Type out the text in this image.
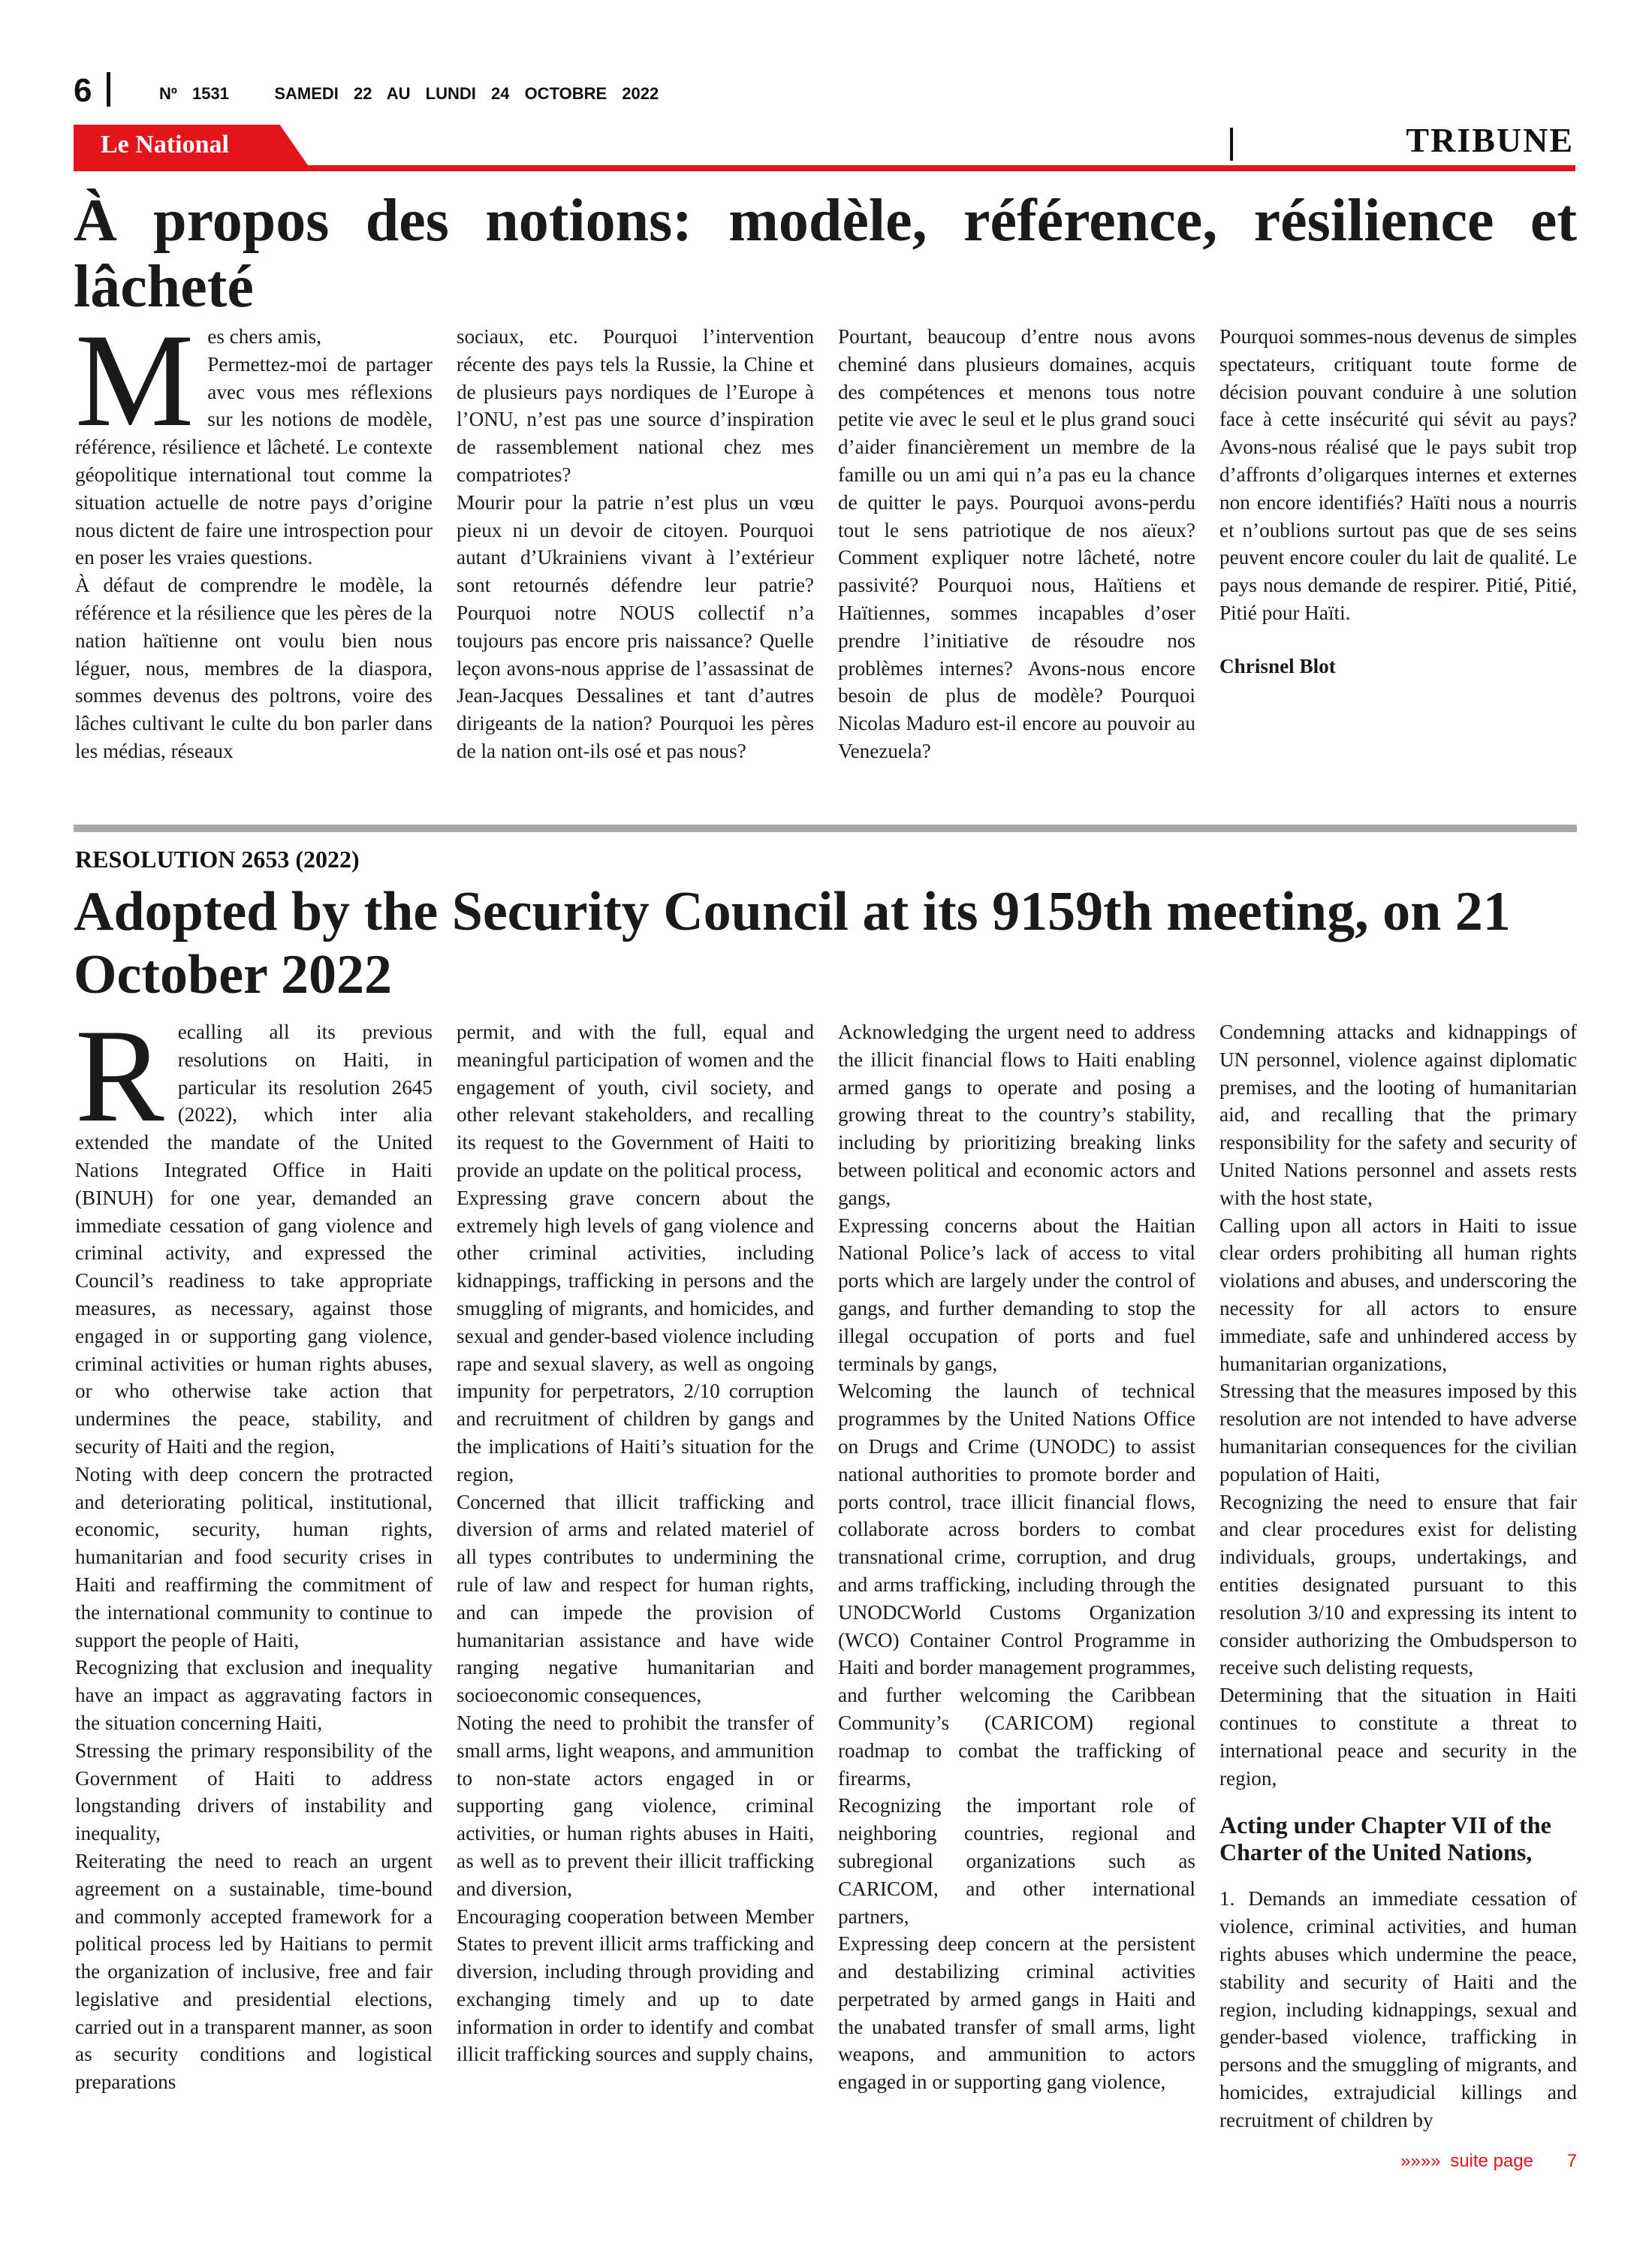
6	Nº 1531	SAMEDI 22 AU LUNDI 24 OCTOBRE 2022
Le National	TRIBUNE
À propos des notions: modèle, référence, résilience et lâcheté
M es chers amis,

Permettez-moi de partager avec vous mes réflexions sur les notions de modèle, référence, résilience et lâcheté. Le contexte géopolitique international tout comme la situation actuelle de notre pays d’origine nous dictent de faire une introspection pour en poser les vraies questions.

À défaut de comprendre le modèle, la référence et la résilience que les pères de la nation haïtienne ont voulu bien nous léguer, nous, membres de la diaspora, sommes devenus des poltrons, voire des lâches cultivant le culte du bon parler dans les médias, réseaux

sociaux, etc. Pourquoi l’intervention récente des pays tels la Russie, la Chine et de plusieurs pays nordiques de l’Europe à l’ONU, n’est pas une source d’inspiration de rassemblement national chez mes compatriotes?

Mourir pour la patrie n’est plus un vœu pieux ni un devoir de citoyen. Pourquoi autant d’Ukrainiens vivant à l’extérieur sont retournés défendre leur patrie? Pourquoi notre NOUS collectif n’a toujours pas encore pris naissance? Quelle leçon avons-nous apprise de l’assassinat de Jean-Jacques Dessalines et tant d’autres dirigeants de la nation? Pourquoi les pères de la nation ont-ils osé et pas nous?

Pourtant, beaucoup d’entre nous avons cheminé dans plusieurs domaines, acquis des compétences et menons tous notre petite vie avec le seul et le plus grand souci d’aider financièrement un membre de la famille ou un ami qui n’a pas eu la chance de quitter le pays. Pourquoi avons-perdu tout le sens patriotique de nos aïeux? Comment expliquer notre lâcheté, notre passivité? Pourquoi nous, Haïtiens et Haïtiennes, sommes incapables d’oser prendre l’initiative de résoudre nos problèmes internes? Avons-nous encore besoin de plus de modèle? Pourquoi Nicolas Maduro est-il encore au pouvoir au Venezuela?

Pourquoi sommes-nous devenus de simples spectateurs, critiquant toute forme de décision pouvant conduire à une solution face à cette insécurité qui sévit au pays? Avons-nous réalisé que le pays subit trop d’affronts d’oligarques internes et externes non encore identifiés? Haïti nous a nourris et n’oublions surtout pas que de ses seins peuvent encore couler du lait de qualité. Le pays nous demande de respirer. Pitié, Pitié, Pitié pour Haïti.

Chrisnel Blot

RESOLUTION 2653 (2022)
Adopted by the Security Council at its 9159th meeting, on 21 October 2022
R ecalling all its previous resolutions on Haiti, in particular its resolution 2645 (2022), which inter alia extended the mandate of the United Nations Integrated Office in Haiti (BINUH) for one year, demanded an immediate cessation of gang violence and criminal activity, and expressed the Council’s readiness to take appropriate measures, as necessary, against those engaged in or supporting gang violence, criminal activities or human rights abuses, or who otherwise take action that undermines the peace, stability, and security of Haiti and the region,

Noting with deep concern the protracted and deteriorating political, institutional, economic, security, human rights, humanitarian and food security crises in Haiti and reaffirming the commitment of the international community to continue to support the people of Haiti,

Recognizing that exclusion and inequality have an impact as aggravating factors in the situation concerning Haiti,

Stressing the primary responsibility of the Government of Haiti to address longstanding drivers of instability and inequality,

Reiterating the need to reach an urgent agreement on a sustainable, time-bound and commonly accepted framework for a political process led by Haitians to permit the organization of inclusive, free and fair legislative and presidential elections, carried out in a transparent manner, as soon as security conditions and logistical preparations

permit, and with the full, equal and meaningful participation of women and the engagement of youth, civil society, and other relevant stakeholders, and recalling its request to the Government of Haiti to provide an update on the political process,

Expressing grave concern about the extremely high levels of gang violence and other criminal activities, including kidnappings, trafficking in persons and the smuggling of migrants, and homicides, and sexual and gender-based violence including rape and sexual slavery, as well as ongoing impunity for perpetrators, 2/10 corruption and recruitment of children by gangs and the implications of Haiti’s situation for the region,

Concerned that illicit trafficking and diversion of arms and related materiel of all types contributes to undermining the rule of law and respect for human rights, and can impede the provision of humanitarian assistance and have wide ranging negative humanitarian and socioeconomic consequences,

Noting the need to prohibit the transfer of small arms, light weapons, and ammunition to non-state actors engaged in or supporting gang violence, criminal activities, or human rights abuses in Haiti, as well as to prevent their illicit trafficking and diversion,

Encouraging cooperation between Member States to prevent illicit arms trafficking and diversion, including through providing and exchanging timely and up to date information in order to identify and combat illicit trafficking sources and supply chains,

Acknowledging the urgent need to address the illicit financial flows to Haiti enabling armed gangs to operate and posing a growing threat to the country’s stability, including by prioritizing breaking links between political and economic actors and gangs,

Expressing concerns about the Haitian National Police’s lack of access to vital ports which are largely under the control of gangs, and further demanding to stop the illegal occupation of ports and fuel terminals by gangs,

Welcoming the launch of technical programmes by the United Nations Office on Drugs and Crime (UNODC) to assist national authorities to promote border and ports control, trace illicit financial flows, collaborate across borders to combat transnational crime, corruption, and drug and arms trafficking, including through the UNODCWorld Customs Organization (WCO) Container Control Programme in Haiti and border management programmes, and further welcoming the Caribbean Community’s (CARICOM) regional roadmap to combat the trafficking of firearms,

Recognizing the important role of neighboring countries, regional and subregional organizations such as CARICOM, and other international partners,

Expressing deep concern at the persistent and destabilizing criminal activities perpetrated by armed gangs in Haiti and the unabated transfer of small arms, light weapons, and ammunition to actors engaged in or supporting gang violence,

Condemning attacks and kidnappings of UN personnel, violence against diplomatic premises, and the looting of humanitarian aid, and recalling that the primary responsibility for the safety and security of United Nations personnel and assets rests with the host state,

Calling upon all actors in Haiti to issue clear orders prohibiting all human rights violations and abuses, and underscoring the necessity for all actors to ensure immediate, safe and unhindered access by humanitarian organizations,

Stressing that the measures imposed by this resolution are not intended to have adverse humanitarian consequences for the civilian population of Haiti,

Recognizing the need to ensure that fair and clear procedures exist for delisting individuals, groups, undertakings, and entities designated pursuant to this resolution 3/10 and expressing its intent to consider authorizing the Ombudsperson to receive such delisting requests,

Determining that the situation in Haiti continues to constitute a threat to international peace and security in the region,

Acting under Chapter VII of the Charter of the United Nations,

1. Demands an immediate cessation of violence, criminal activities, and human rights abuses which undermine the peace, stability and security of Haiti and the region, including kidnappings, sexual and gender-based violence, trafficking in persons and the smuggling of migrants, and homicides, extrajudicial killings and recruitment of children by

»»»» suite page 7
